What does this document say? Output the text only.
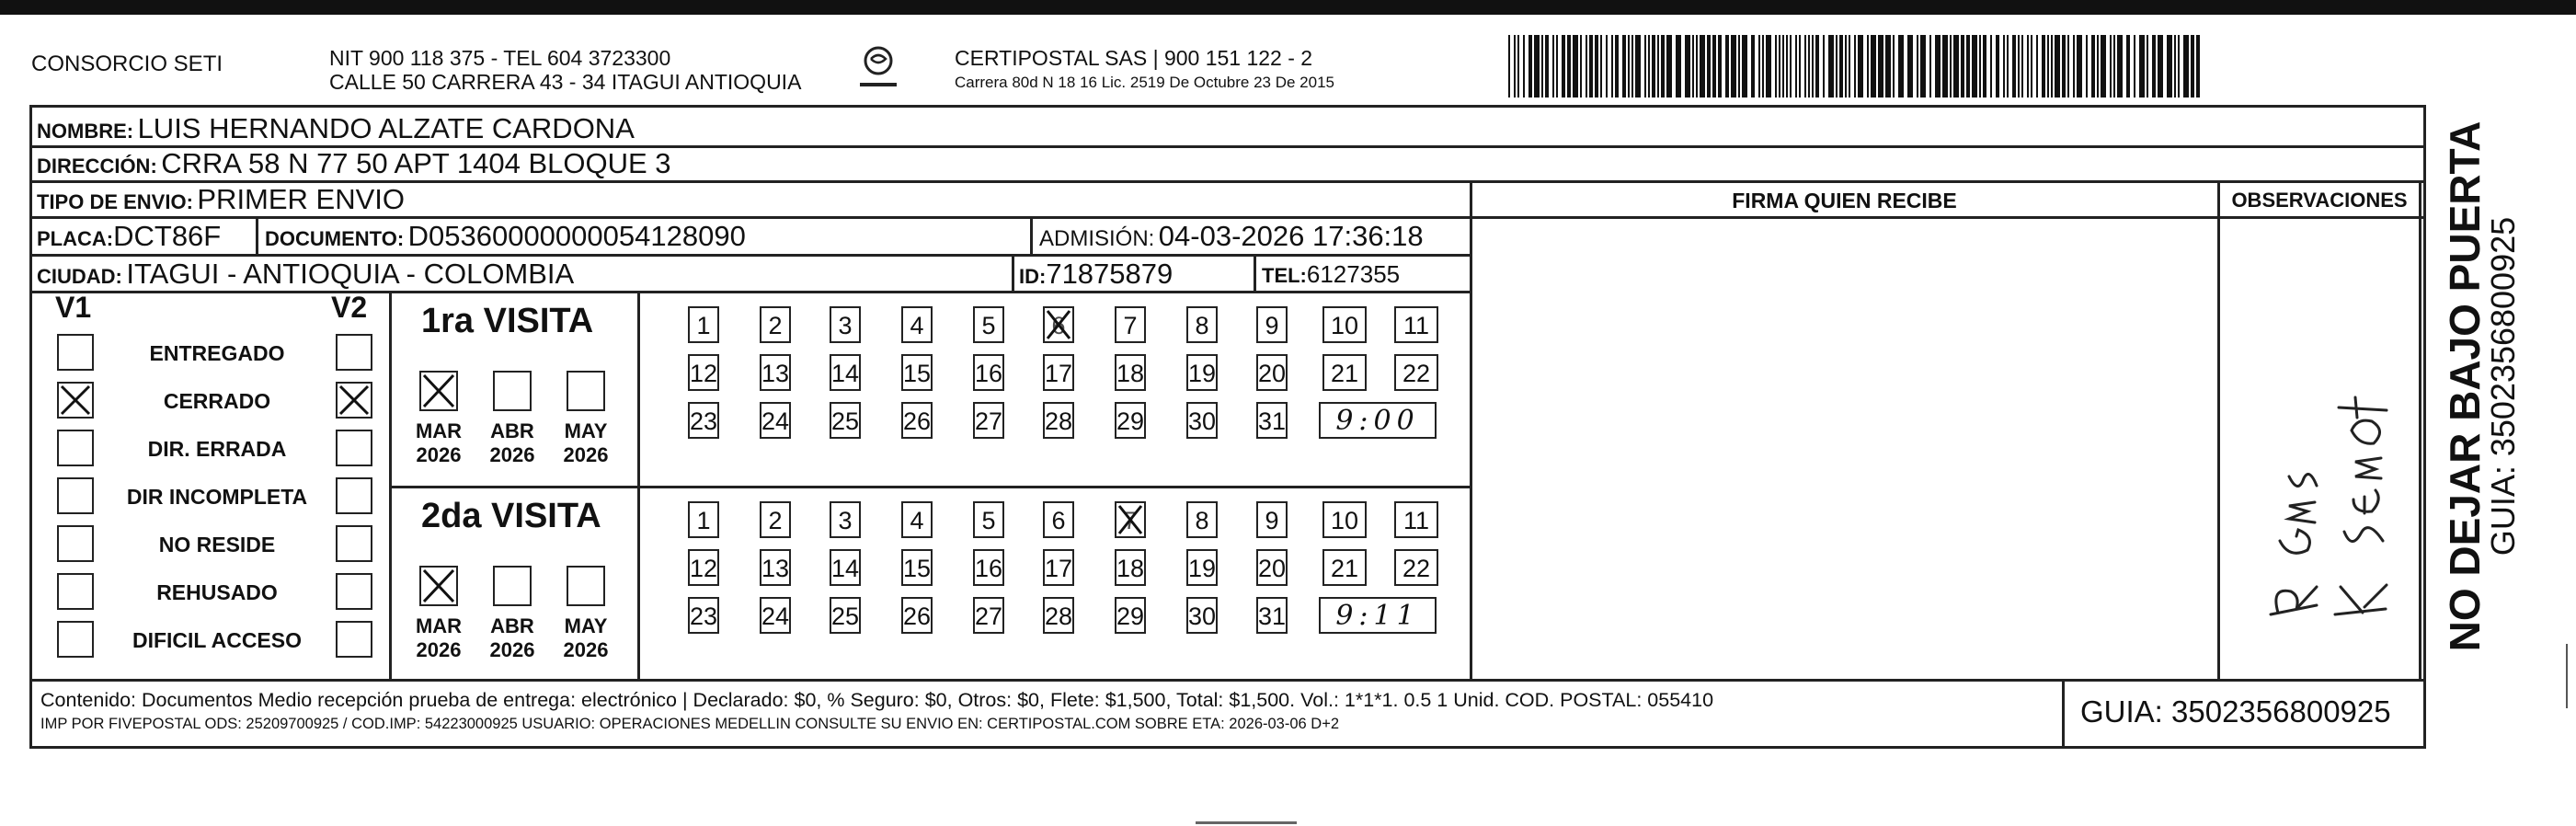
CONSORCIO SETI	NIT 900 118 375 - TEL 604 3723300
CALLE 50 CARRERA 43 - 34 ITAGUI ANTIOQUIA
CERTIPOSTAL SAS | 900 151 122 - 2
Carrera 80d N 18 16 Lic. 2519 De Octubre 23 De 2015
NOMBRE: LUIS HERNANDO ALZATE CARDONA
DIRECCIÓN: CRRA 58 N 77 50 APT 1404 BLOQUE 3
TIPO DE ENVIO: PRIMER ENVIO
PLACA:DCT86F DOCUMENTO: D05360000000054128090	ADMISIÓN: 04-03-2026 17:36:18
CIUDAD: ITAGUI - ANTIOQUIA - COLOMBIA	ID:71875879	TEL:6127355
FIRMA QUIEN RECIBE	OBSERVACIONES
V1	V2
ENTREGADO
CERRADO
DIR. ERRADA
DIR INCOMPLETA
NO RESIDE
REHUSADO
DIFICIL ACCESO
1ra VISITA
MAR
2026
ABR
2026
MAY
2026
1	2	3	4	5	6	7	8	9	10	11
12 13 14 15 16 17 18 19 20	21	22
23 24 25 26 27 28 29 30 31	9:00
2da VISITA
MAR
2026
ABR
2026
MAY
2026
1	2	3	4	5	6	7	8	9	10	11
12 13 14 15 16 17 18 19 20	21	22
23 24 25 26 27 28 29 30 31	9:11
Contenido: Documentos Medio recepción prueba de entrega: electrónico | Declarado: $0, % Seguro: $0, Otros: $0, Flete: $1,500, Total: $1,500. Vol.: 1*1*1. 0.5 1 Unid. COD. POSTAL: 055410
IMP POR FIVEPOSTAL ODS: 25209700925 / COD.IMP: 54223000925 USUARIO: OPERACIONES MEDELLIN CONSULTE SU ENVIO EN: CERTIPOSTAL.COM SOBRE ETA: 2026-03-06 D+2	GUIA: 3502356800925
NO DEJAR BAJO PUERTA
GUIA: 3502356800925
